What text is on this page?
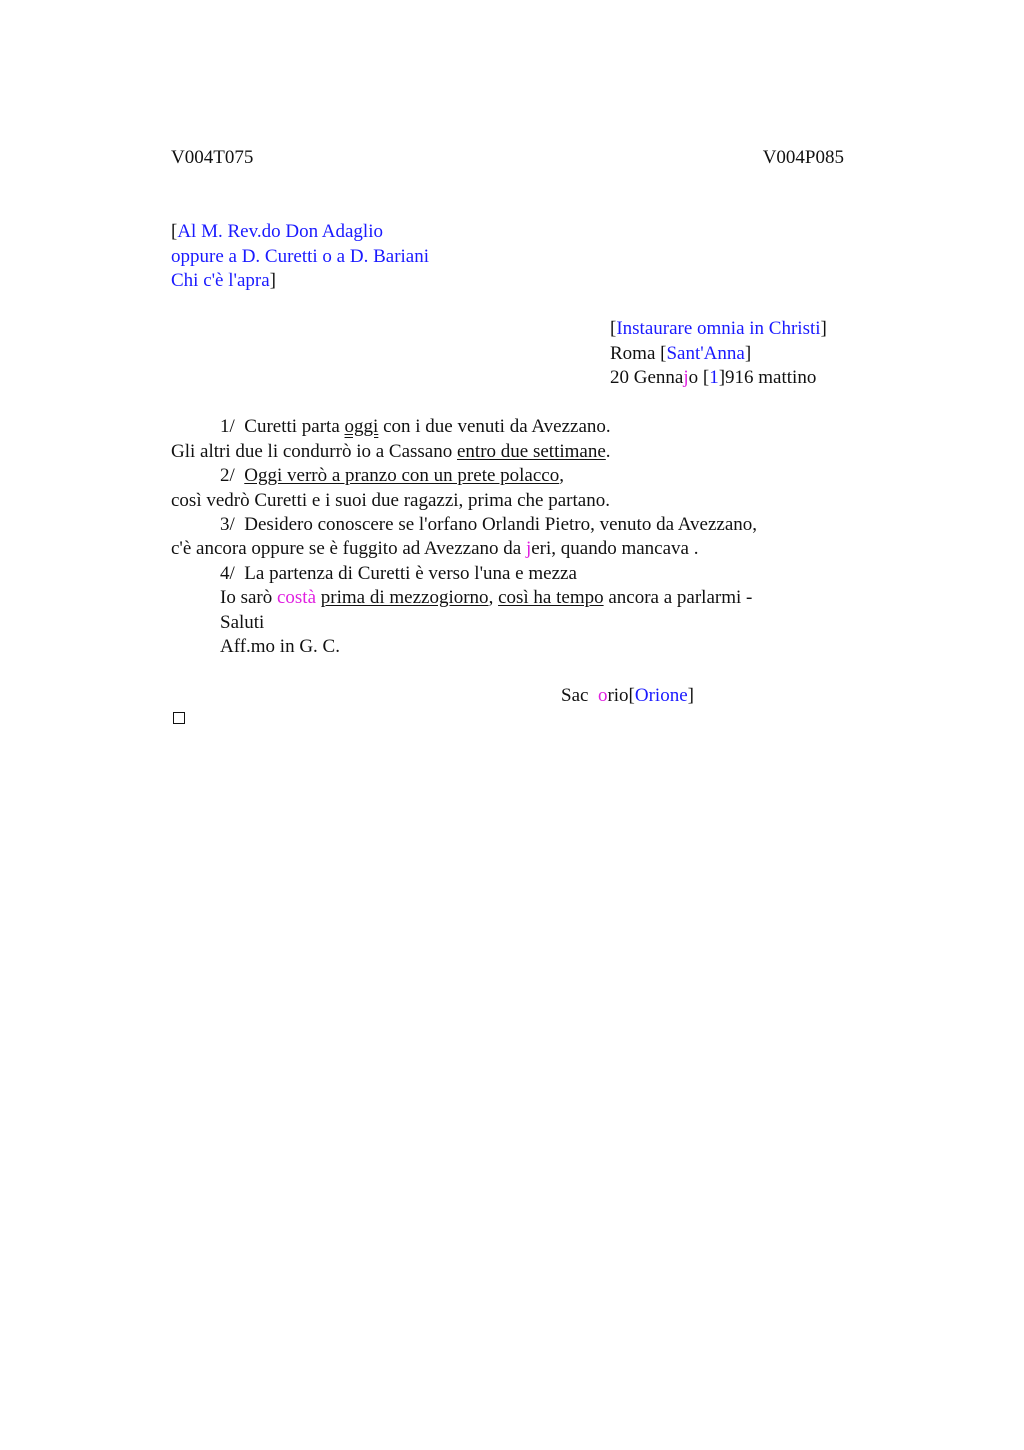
V004T075	V004P085
[Al M. Rev.do Don Adaglio
oppure a D. Curetti o a D. Bariani
Chi c'è l'apra]
[Instaurare omnia in Christi]
Roma [Sant'Anna]
20 Gennajo [1]916 mattino
1/  Curetti parta oggi con i due venuti da Avezzano.
Gli altri due li condurrò io a Cassano entro due settimane.
2/  Oggi verrò a pranzo con un prete polacco,
così vedrò Curetti e i suoi due ragazzi, prima che partano.
3/  Desidero conoscere se l'orfano Orlandi Pietro, venuto da Avezzano,
c'è ancora oppure se è fuggito ad Avezzano da jeri, quando mancava .
4/  La partenza di Curetti è verso l'una e mezza
Io sarò costà prima di mezzogiorno, così ha tempo ancora a parlarmi -
Saluti
Aff.mo in G. C.
Sac  orio[Orione]
